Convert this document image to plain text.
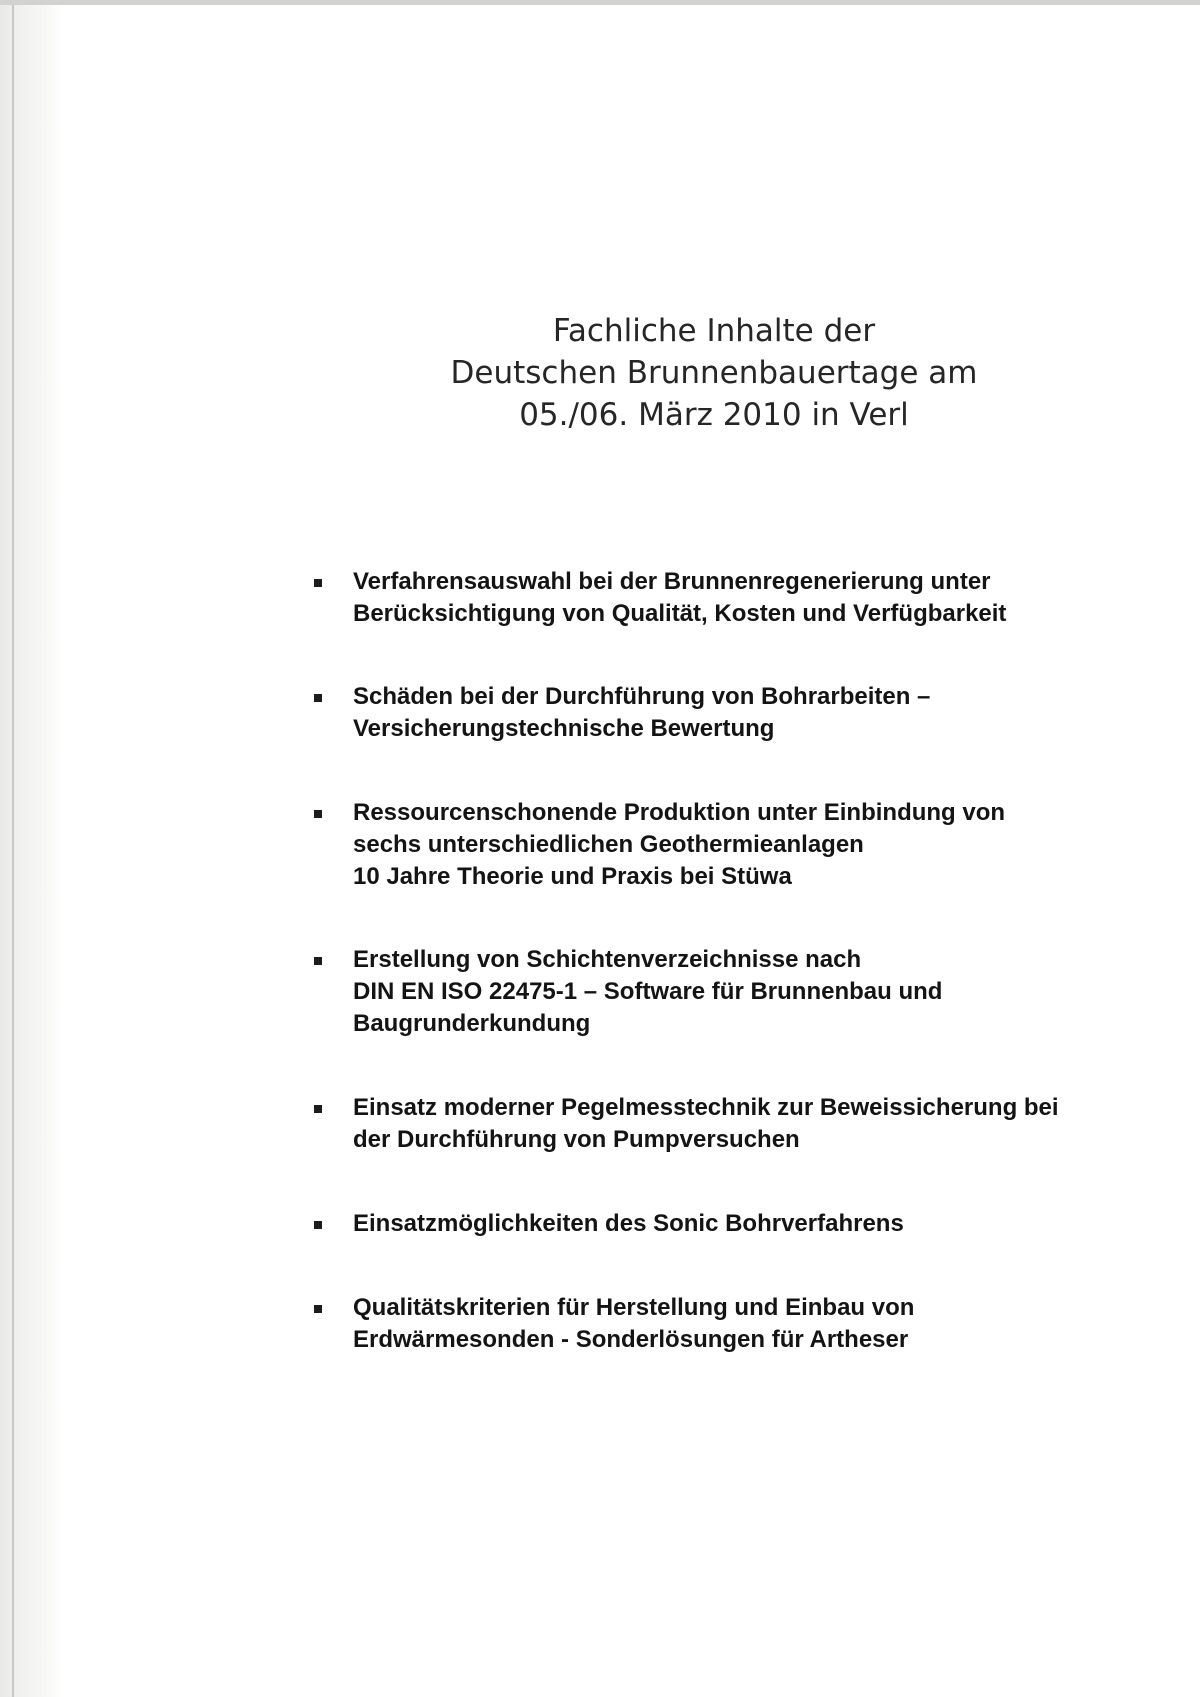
Fachliche Inhalte der
Deutschen Brunnenbauertage am
05./06. März 2010 in Verl
Verfahrensauswahl bei der Brunnenregenerierung unter
Berücksichtigung von Qualität, Kosten und Verfügbarkeit
Schäden bei der Durchführung von Bohrarbeiten –
Versicherungstechnische Bewertung
Ressourcenschonende Produktion unter Einbindung von
sechs unterschiedlichen Geothermieanlagen
10 Jahre Theorie und Praxis bei Stüwa
Erstellung von Schichtenverzeichnisse nach
DIN EN ISO 22475-1 – Software für Brunnenbau und
Baugrunderkundung
Einsatz moderner Pegelmesstechnik zur Beweissicherung bei
der Durchführung von Pumpversuchen
Einsatzmöglichkeiten des Sonic Bohrverfahrens
Qualitätskriterien für Herstellung und Einbau von
Erdwärmesonden - Sonderlösungen für Artheser
